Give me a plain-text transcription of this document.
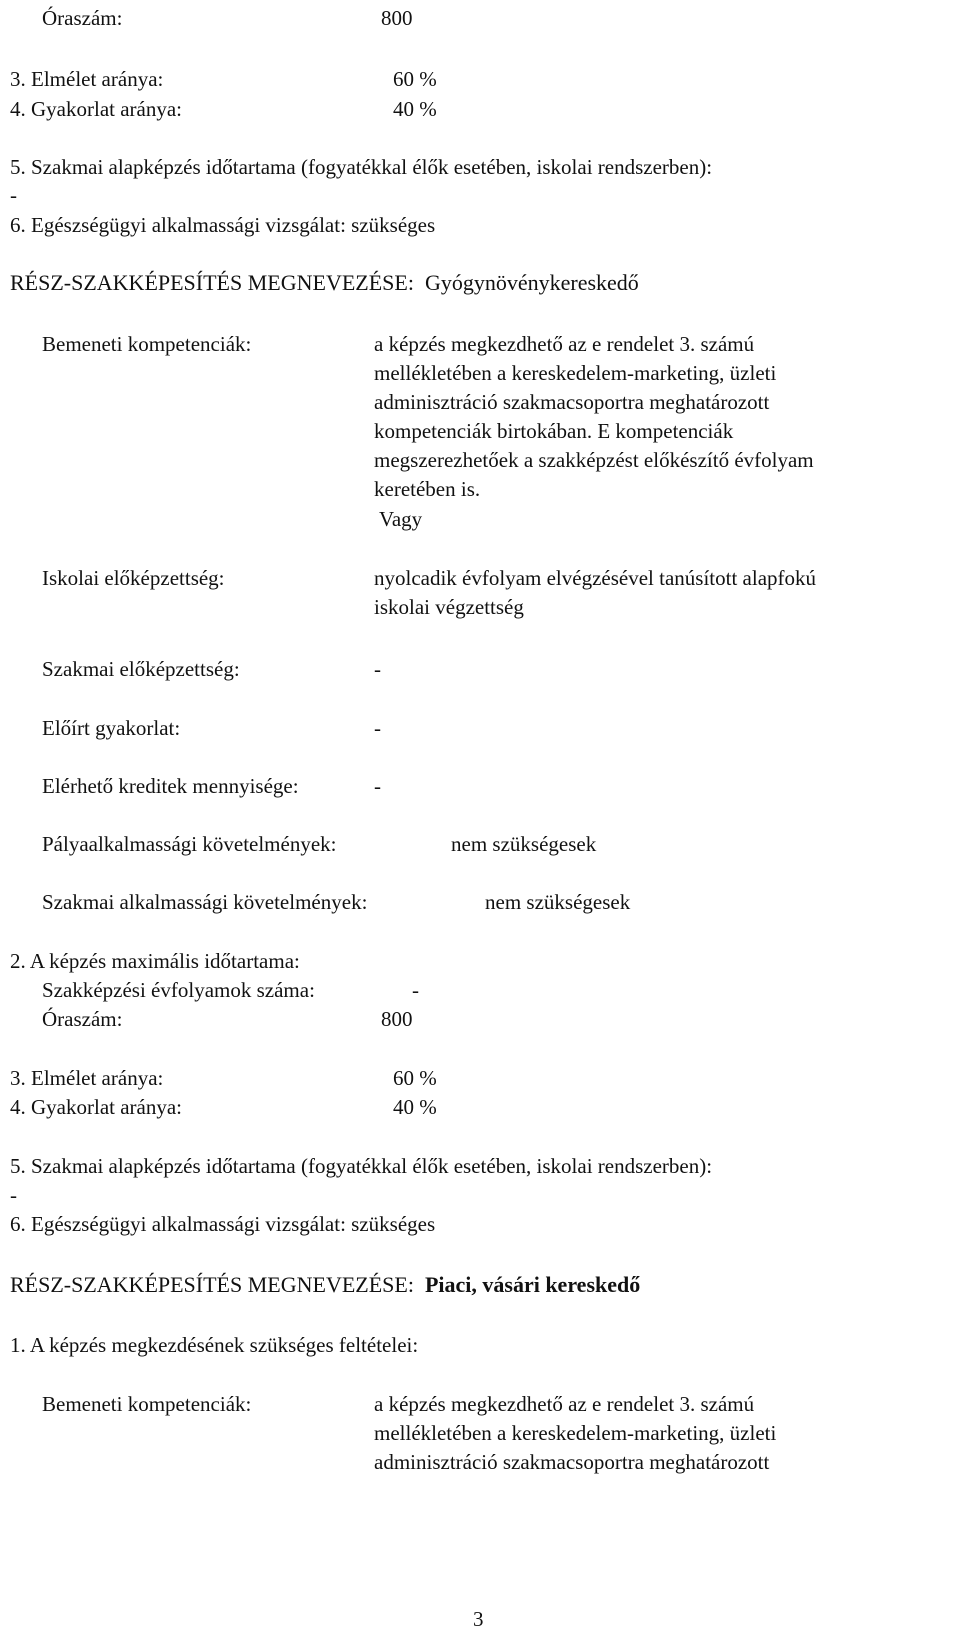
Óraszám:	800
3. Elmélet aránya:	60 %
4. Gyakorlat aránya:	40 %
5. Szakmai alapképzés időtartama (fogyatékkal élők esetében, iskolai rendszerben):
-
6. Egészségügyi alkalmassági vizsgálat: szükséges
RÉSZ-SZAKKÉPESÍTÉS MEGNEVEZÉSE: Gyógynövénykereskedő
Bemeneti kompetenciák:	a képzés megkezdhető az e rendelet 3. számú
mellékletében a kereskedelem-marketing, üzleti
adminisztráció szakmacsoportra meghatározott
kompetenciák birtokában. E kompetenciák
megszerezhetőek a szakképzést előkészítő évfolyam
keretében is.
Vagy
Iskolai előképzettség:	nyolcadik évfolyam elvégzésével tanúsított alapfokú
iskolai végzettség
Szakmai előképzettség:	-
Előírt gyakorlat:	-
Elérhető kreditek mennyisége:	-
Pályaalkalmassági követelmények:	nem szükségesek
Szakmai alkalmassági követelmények:	nem szükségesek
2. A képzés maximális időtartama:
Szakképzési évfolyamok száma:	-
Óraszám:	800
3. Elmélet aránya:	60 %
4. Gyakorlat aránya:	40 %
5. Szakmai alapképzés időtartama (fogyatékkal élők esetében, iskolai rendszerben):
-
6. Egészségügyi alkalmassági vizsgálat: szükséges
RÉSZ-SZAKKÉPESÍTÉS MEGNEVEZÉSE: Piaci, vásári kereskedő
1. A képzés megkezdésének szükséges feltételei:
Bemeneti kompetenciák:	a képzés megkezdhető az e rendelet 3. számú
mellékletében a kereskedelem-marketing, üzleti
adminisztráció szakmacsoportra meghatározott
3
